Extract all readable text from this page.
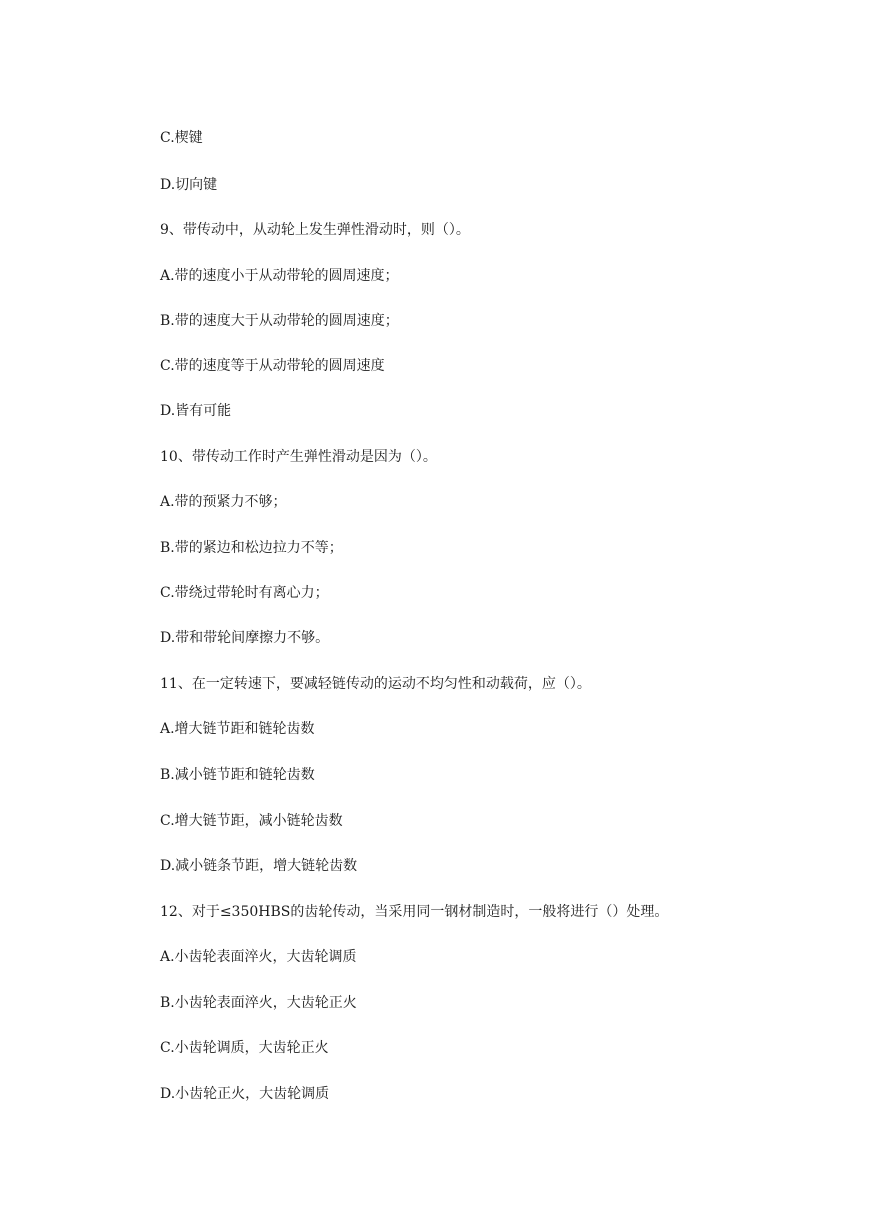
C.楔键
D.切向键
9、带传动中，从动轮上发生弹性滑动时，则（）。
A.带的速度小于从动带轮的圆周速度；
B.带的速度大于从动带轮的圆周速度；
C.带的速度等于从动带轮的圆周速度
D.皆有可能
10、带传动工作时产生弹性滑动是因为（）。
A.带的预紧力不够；
B.带的紧边和松边拉力不等；
C.带绕过带轮时有离心力；
D.带和带轮间摩擦力不够。
11、在一定转速下，要减轻链传动的运动不均匀性和动载荷，应（）。
A.增大链节距和链轮齿数
B.减小链节距和链轮齿数
C.增大链节距，减小链轮齿数
D.减小链条节距，增大链轮齿数
12、对于≤350HBS的齿轮传动，当采用同一钢材制造时，一般将进行（）处理。
A.小齿轮表面淬火，大齿轮调质
B.小齿轮表面淬火，大齿轮正火
C.小齿轮调质，大齿轮正火
D.小齿轮正火，大齿轮调质
